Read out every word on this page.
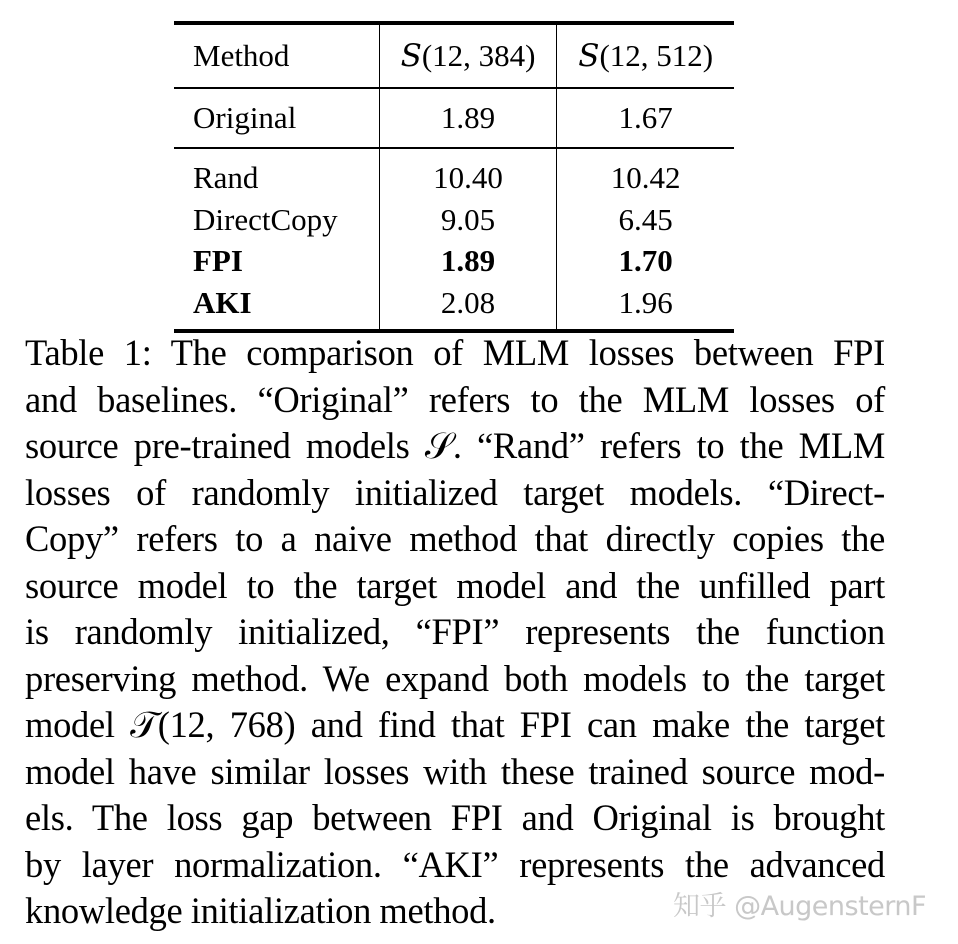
Method	S(12, 384)	S(12, 512)
Original	1.89	1.67
Rand	10.40	10.42
DirectCopy	9.05	6.45
FPI	1.89	1.70
AKI	2.08	1.96

Table 1: The comparison of MLM losses between FPI
and baselines. “Original” refers to the MLM losses of
source pre-trained models 𝒮. “Rand” refers to the MLM
losses of randomly initialized target models. “Direct-
Copy” refers to a naive method that directly copies the
source model to the target model and the unfilled part
is randomly initialized, “FPI” represents the function
preserving method. We expand both models to the target
model 𝒯(12, 768) and find that FPI can make the target
model have similar losses with these trained source mod-
els. The loss gap between FPI and Original is brought
by layer normalization. “AKI” represents the advanced
knowledge initialization method.	知乎 @AugensternF
